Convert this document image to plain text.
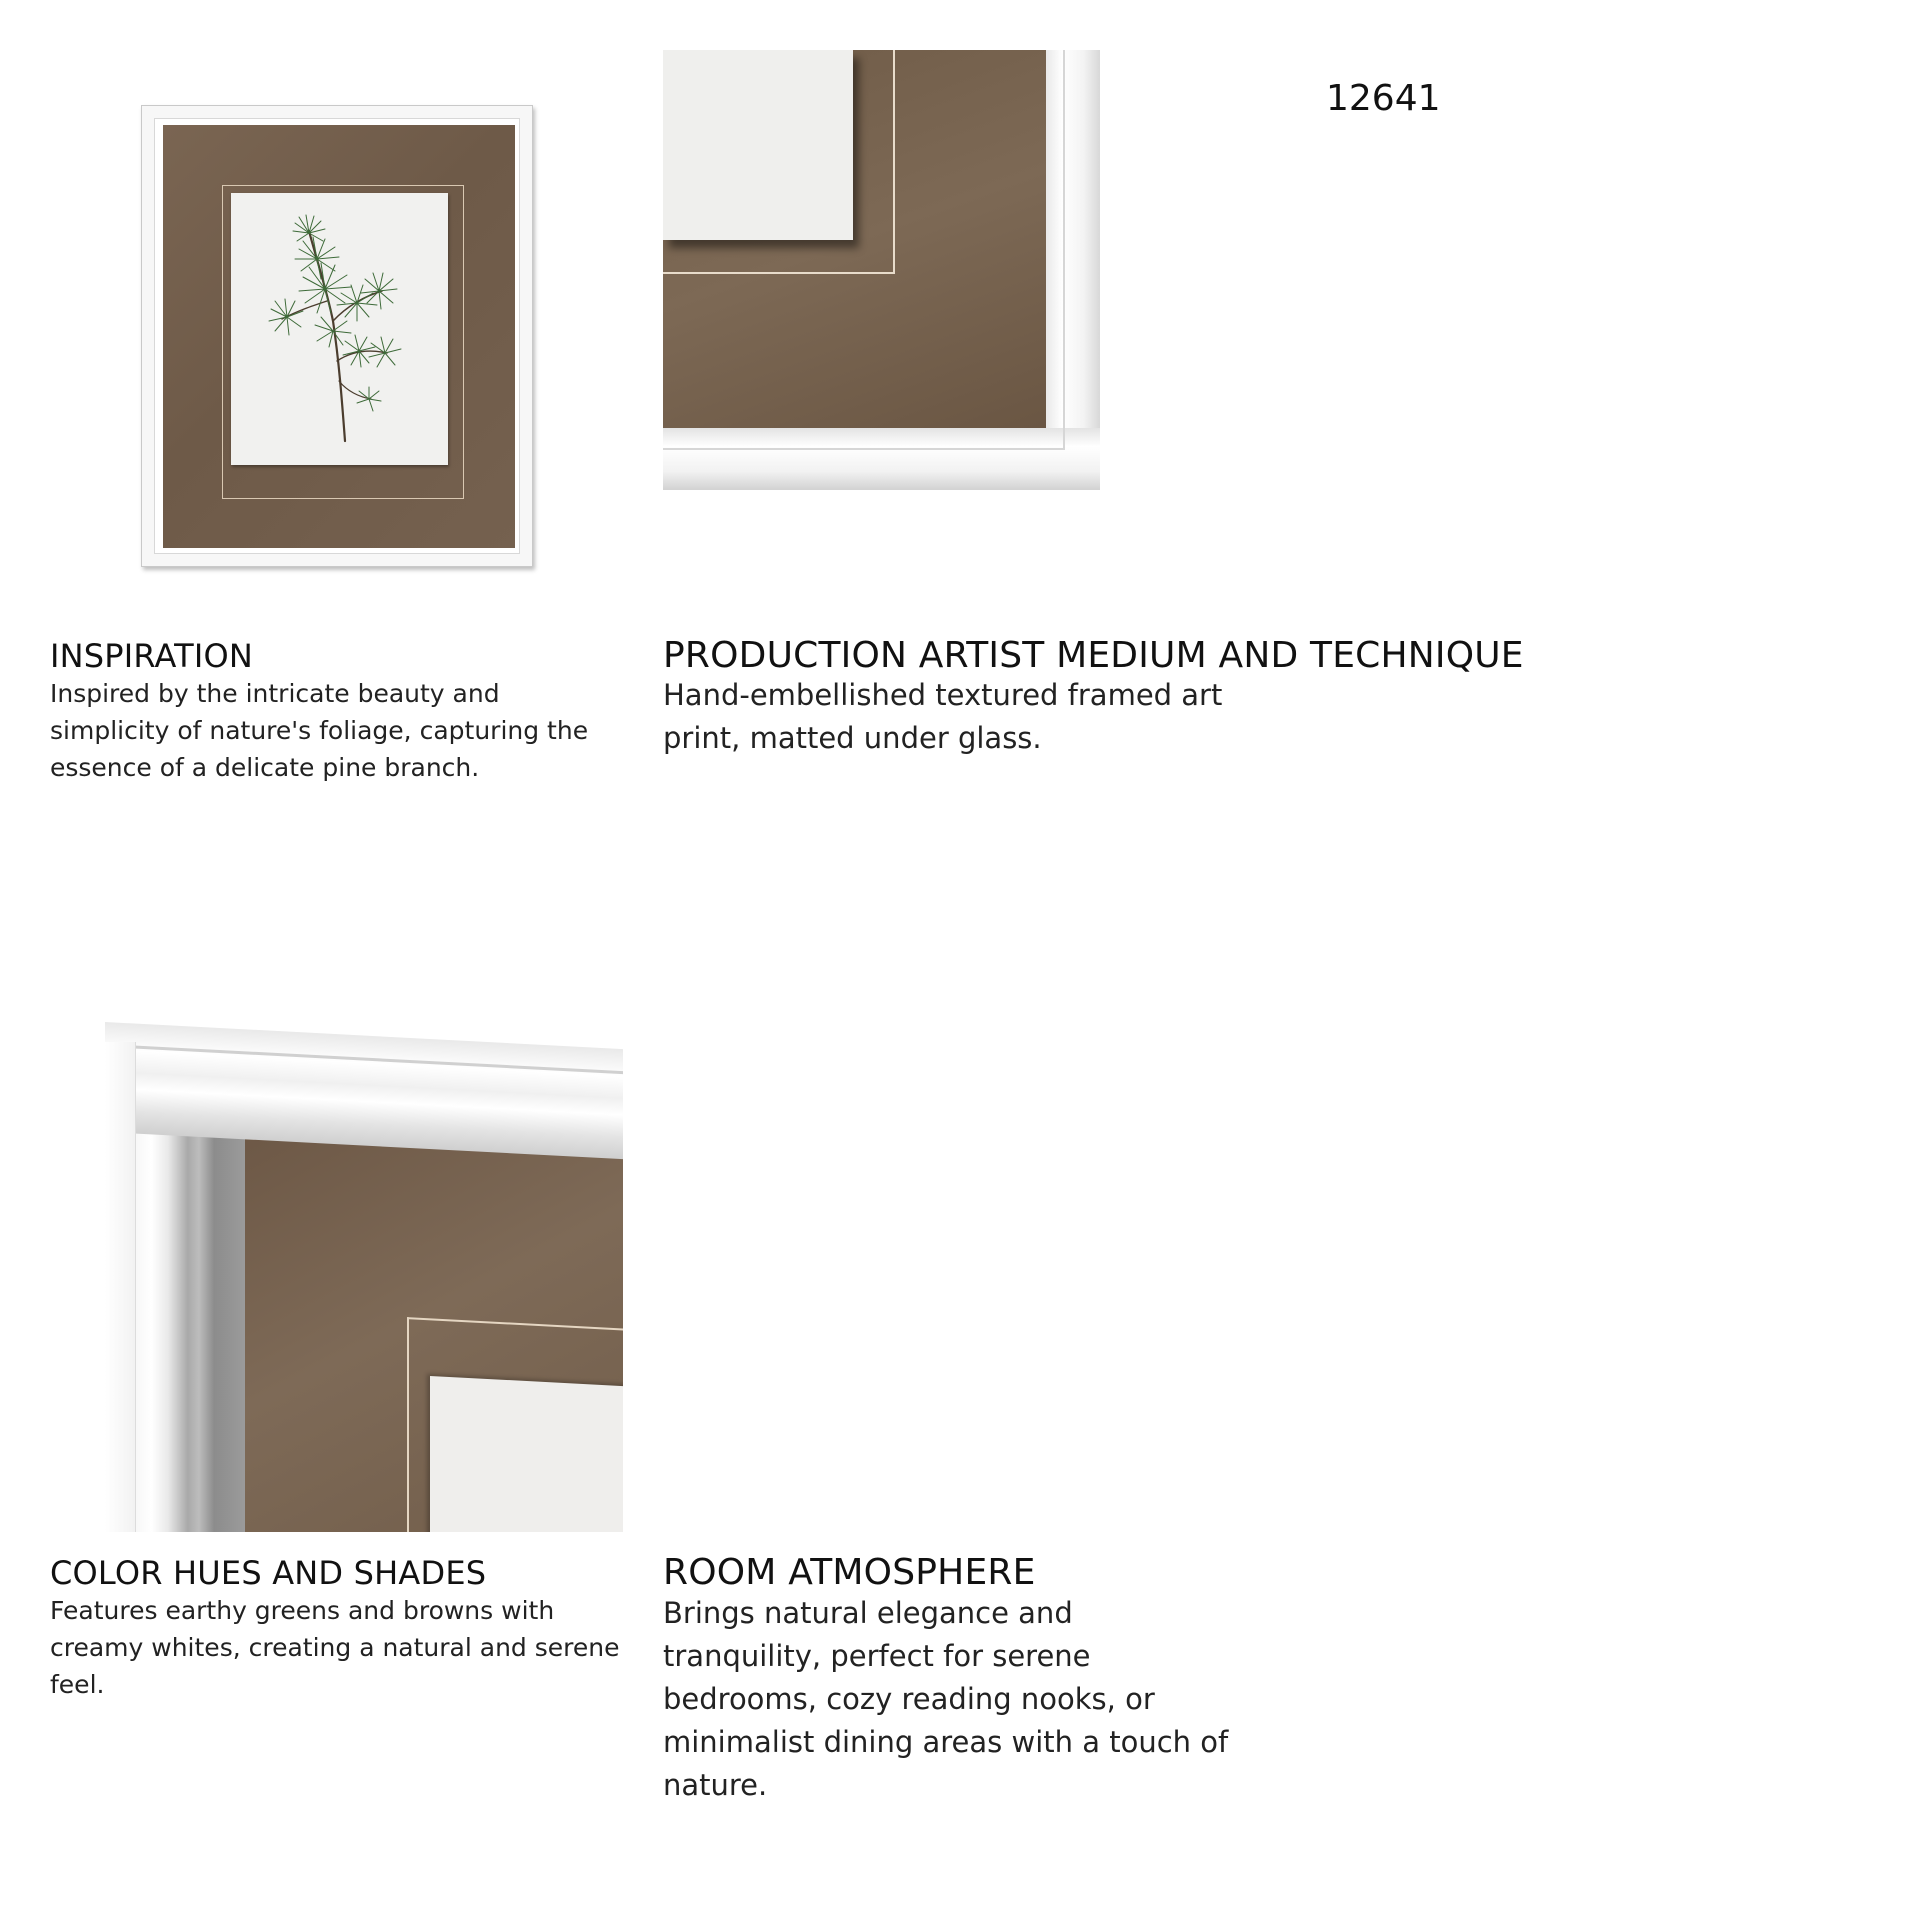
12641
INSPIRATION
Inspired by the intricate beauty and simplicity of nature's foliage, capturing the essence of a delicate pine branch.
PRODUCTION ARTIST MEDIUM AND TECHNIQUE
Hand-embellished textured framed art print, matted under glass.
COLOR HUES AND SHADES
Features earthy greens and browns with creamy whites, creating a natural and serene feel.
ROOM ATMOSPHERE
Brings natural elegance and tranquility, perfect for serene bedrooms, cozy reading nooks, or minimalist dining areas with a touch of nature.
